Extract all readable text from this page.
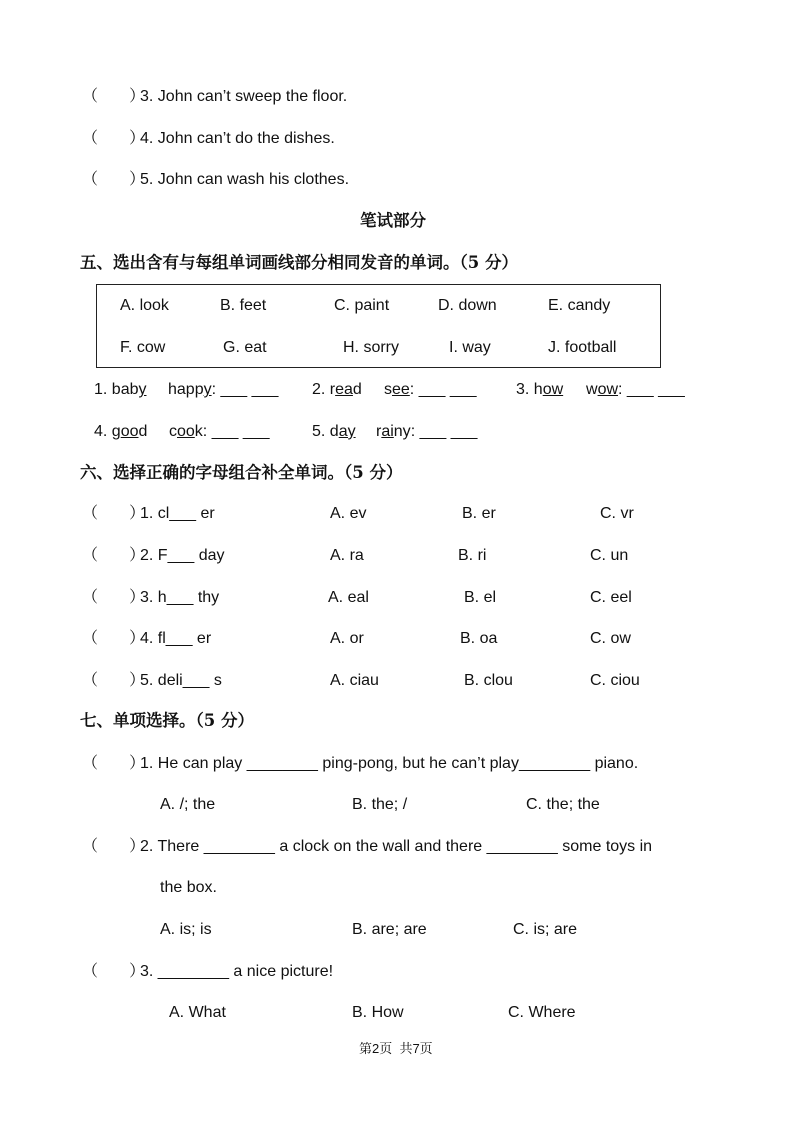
（       ）
3. John can’t sweep the floor.
（       ）
4. John can’t do the dishes.
（       ）
5. John can wash his clothes.
笔试部分
五、选出含有与每组单词画线部分相同发音的单词。（5 分）
A. look	B. feet	C. paint	D. down	E. candy
F. cow	G. eat	H. sorry	I. way	J. football
1. baby happy: ___ ___ 2. read see: ___ ___ 3. how wow: ___ ___
4. good cook: ___ ___	5. day rainy: ___ ___
六、选择正确的字母组合补全单词。（5 分）
（       ）
1. cl___ er	A. ev	B. er	C. vr
（       ）
2. F___ day	A. ra	B. ri	C. un
（       ）
3. h___ thy	A. eal	B. el	C. eel
（       ）
4. fl___ er	A. or	B. oa	C. ow
（       ）
5. deli___ s	A. ciau	B. clou	C. ciou
七、单项选择。（5 分）
（       ）
1. He can play ________ ping-pong, but he can’t play________ piano.
A. /; the	B. the; /	C. the; the
（       ）
2. There ________ a clock on the wall and there ________ some toys in
the box.
A. is; is	B. are; are	C. is; are
（       ）
3. ________ a nice picture!
A. What	B. How	C. Where
第2页  共7页
